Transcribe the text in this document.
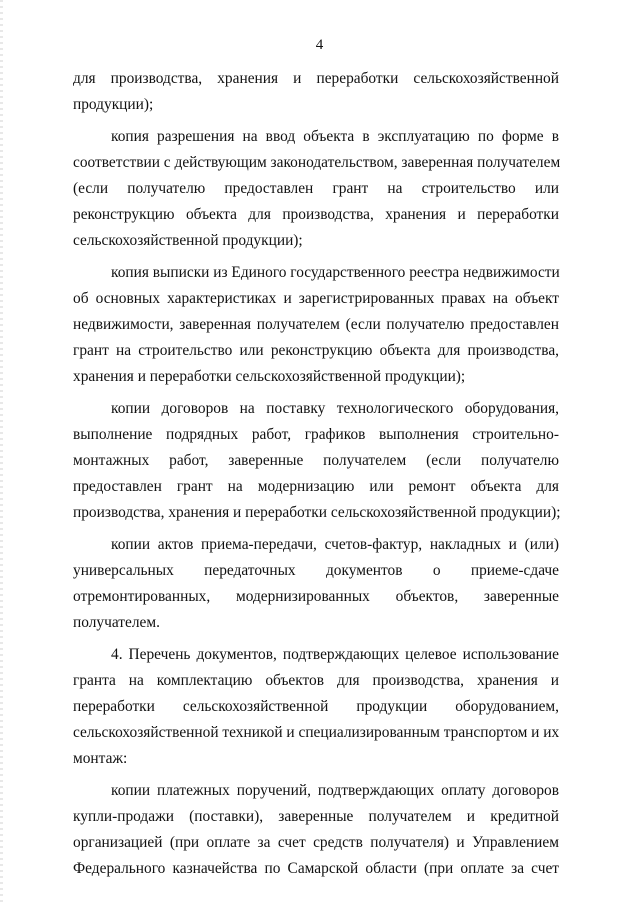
4
для производства, хранения и переработки сельскохозяйственной
продукции);
копия разрешения на ввод объекта в эксплуатацию по форме в
соответствии с действующим законодательством, заверенная получателем
(если получателю предоставлен грант на строительство или
реконструкцию объекта для производства, хранения и переработки
сельскохозяйственной продукции);
копия выписки из Единого государственного реестра недвижимости
об основных характеристиках и зарегистрированных правах на объект
недвижимости, заверенная получателем (если получателю предоставлен
грант на строительство или реконструкцию объекта для производства,
хранения и переработки сельскохозяйственной продукции);
копии договоров на поставку технологического оборудования,
выполнение подрядных работ, графиков выполнения строительно-
монтажных работ, заверенные получателем (если получателю
предоставлен грант на модернизацию или ремонт объекта для
производства, хранения и переработки сельскохозяйственной продукции);
копии актов приема-передачи, счетов-фактур, накладных и (или)
универсальных передаточных документов о приеме-сдаче
отремонтированных, модернизированных объектов, заверенные
получателем.
4. Перечень документов, подтверждающих целевое использование
гранта на комплектацию объектов для производства, хранения и
переработки сельскохозяйственной продукции оборудованием,
сельскохозяйственной техникой и специализированным транспортом и их
монтаж:
копии платежных поручений, подтверждающих оплату договоров
купли-продажи (поставки), заверенные получателем и кредитной
организацией (при оплате за счет средств получателя) и Управлением
Федерального казначейства по Самарской области (при оплате за счет
